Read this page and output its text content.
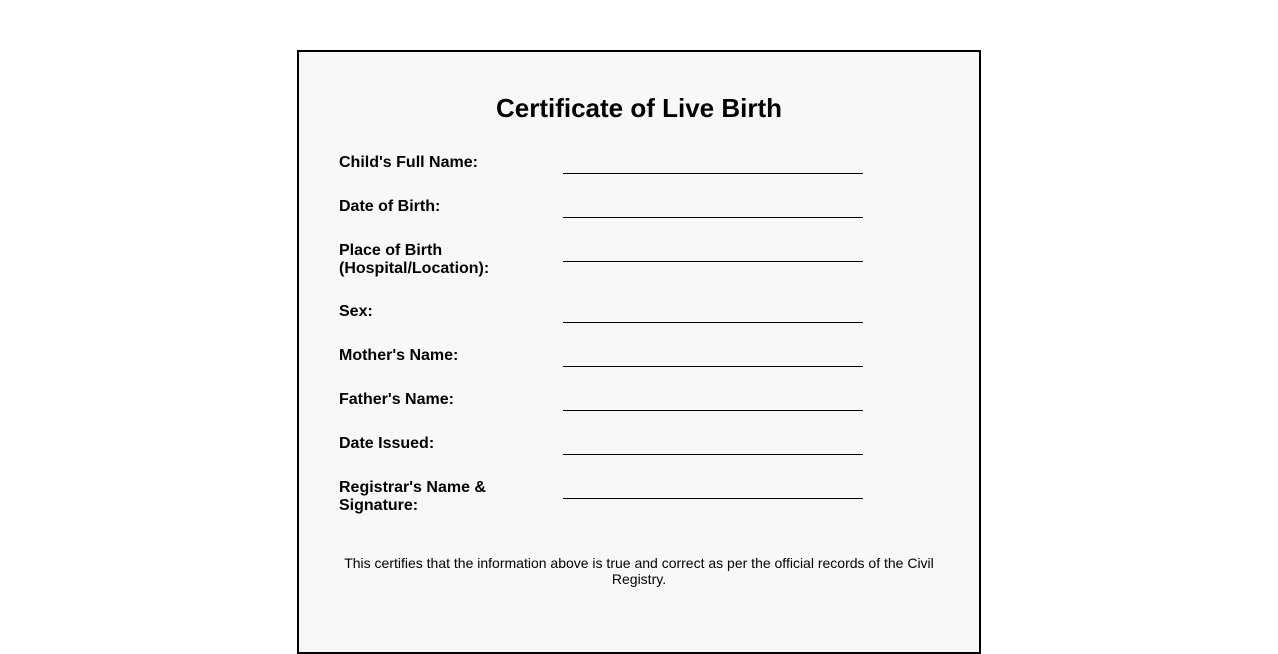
Certificate of Live Birth
Child's Full Name:
Date of Birth:
Place of Birth (Hospital/Location):
Sex:
Mother's Name:
Father's Name:
Date Issued:
Registrar's Name & Signature:
This certifies that the information above is true and correct as per the official records of the Civil Registry.
